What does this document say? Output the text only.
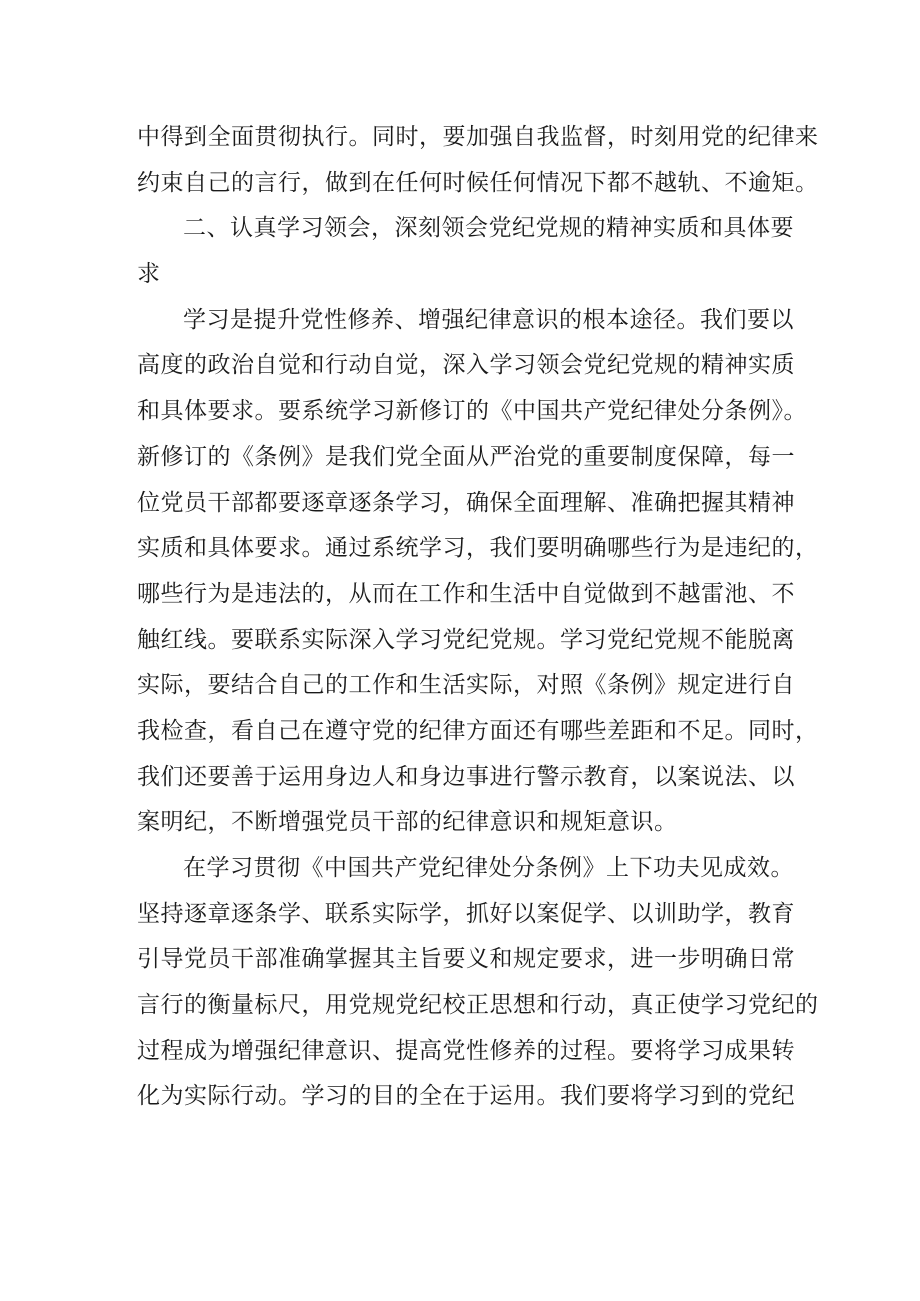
中得到全面贯彻执行。同时，要加强自我监督，时刻用党的纪律来
约束自己的言行，做到在任何时候任何情况下都不越轨、不逾矩。
二、认真学习领会，深刻领会党纪党规的精神实质和具体要
求
学习是提升党性修养、增强纪律意识的根本途径。我们要以
高度的政治自觉和行动自觉，深入学习领会党纪党规的精神实质
和具体要求。要系统学习新修订的《中国共产党纪律处分条例》。
新修订的《条例》是我们党全面从严治党的重要制度保障，每一
位党员干部都要逐章逐条学习，确保全面理解、准确把握其精神
实质和具体要求。通过系统学习，我们要明确哪些行为是违纪的，
哪些行为是违法的，从而在工作和生活中自觉做到不越雷池、不
触红线。要联系实际深入学习党纪党规。学习党纪党规不能脱离
实际，要结合自己的工作和生活实际，对照《条例》规定进行自
我检查，看自己在遵守党的纪律方面还有哪些差距和不足。同时，
我们还要善于运用身边人和身边事进行警示教育，以案说法、以
案明纪，不断增强党员干部的纪律意识和规矩意识。
在学习贯彻《中国共产党纪律处分条例》上下功夫见成效。
坚持逐章逐条学、联系实际学，抓好以案促学、以训助学，教育
引导党员干部准确掌握其主旨要义和规定要求，进一步明确日常
言行的衡量标尺，用党规党纪校正思想和行动，真正使学习党纪的
过程成为增强纪律意识、提高党性修养的过程。要将学习成果转
化为实际行动。学习的目的全在于运用。我们要将学习到的党纪
